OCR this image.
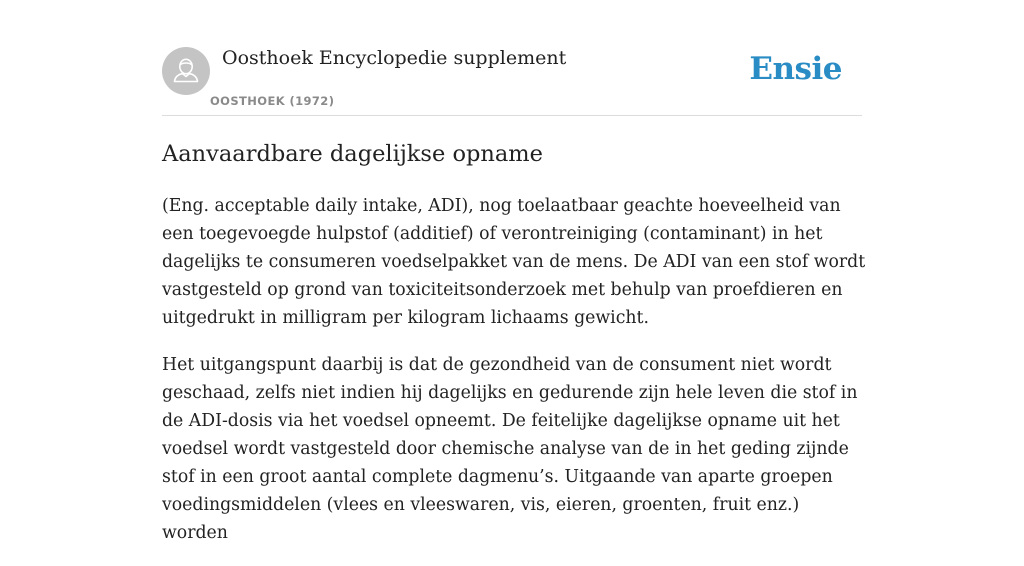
Oosthoek Encyclopedie supplement
OOSTHOEK (1972)
Ensie
Aanvaardbare dagelijkse opname

(Eng. acceptable daily intake, ADI), nog toelaatbaar geachte hoeveelheid van een toegevoegde hulpstof (additief) of verontreiniging (contaminant) in het dagelijks te consumeren voedselpakket van de mens. De ADI van een stof wordt vastgesteld op grond van toxiciteitsonderzoek met behulp van proefdieren en uitgedrukt in milligram per kilogram lichaams gewicht.

Het uitgangspunt daarbij is dat de gezondheid van de consument niet wordt geschaad, zelfs niet indien hij dagelijks en gedurende zijn hele leven die stof in de ADI-dosis via het voedsel opneemt. De feitelijke dagelijkse opname uit het voedsel wordt vastgesteld door chemische analyse van de in het geding zijnde stof in een groot aantal complete dagmenu’s. Uitgaande van aparte groepen voedingsmiddelen (vlees en vleeswaren, vis, eieren, groenten, fruit enz.) worden
